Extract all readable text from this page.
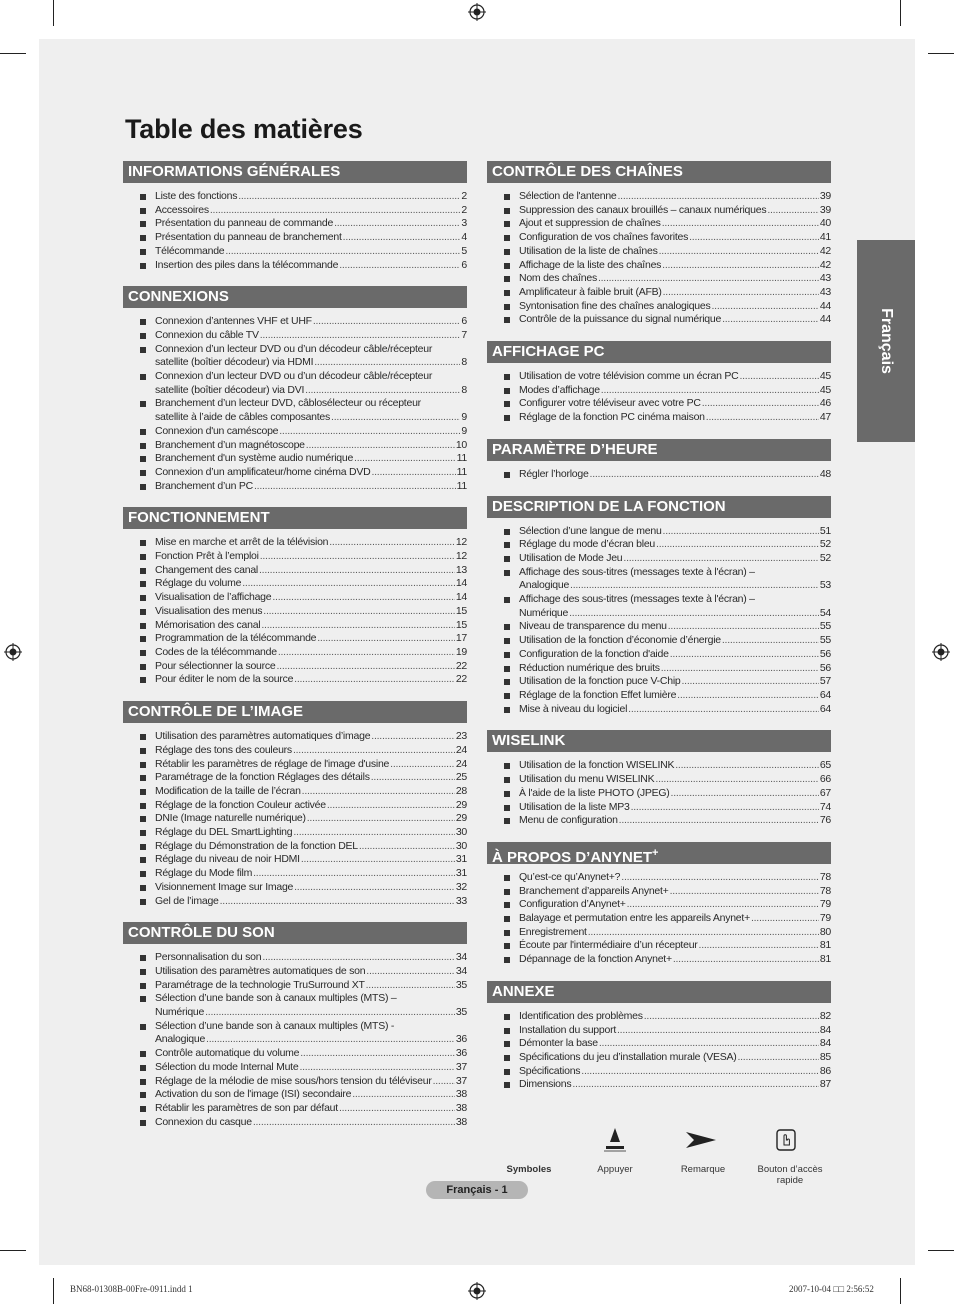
Table des matières
INFORMATIONS GÉNÉRALES
Liste des fonctions .....	2
Accessoires .....	2
Présentation du panneau de commande .....	3
Présentation du panneau de branchement .....	4
Télécommande .....	5
Insertion des piles dans la télécommande .....	6
CONNEXIONS
Connexion d’antennes VHF et UHF .....	6
Connexion du câble TV .....	7
Connexion d’un lecteur DVD ou d’un décodeur câble/récepteur
satellite (boîtier décodeur) via HDMI .....	8
Connexion d’un lecteur DVD ou d’un décodeur câble/récepteur
satellite (boîtier décodeur) via DVI .....	8
Branchement d’un lecteur DVD, câblosélecteur ou récepteur
satellite à l’aide de câbles composantes .....	9
Connexion d'un caméscope .....	9
Branchement d’un magnétoscope .....	10
Branchement d'un système audio numérique .....	11
Connexion d’un amplificateur/home cinéma DVD .....	11
Branchement d’un PC .....	11
FONCTIONNEMENT
Mise en marche et arrêt de la télévision .....	12
Fonction Prêt à l’emploi .....	12
Changement des canal .....	13
Réglage du volume .....	14
Visualisation de l’affichage .....	14
Visualisation des menus .....	15
Mémorisation des canal .....	15
Programmation de la télécommande .....	17
Codes de la télécommande .....	19
Pour sélectionner la source .....	22
Pour éditer le nom de la source .....	22
CONTRÔLE DE L’IMAGE
Utilisation des paramètres automatiques d’image .....	23
Réglage des tons des couleurs .....	24
Rétablir les paramètres de réglage de l'image d'usine .....	24
Paramétrage de la fonction Réglages des détails .....	25
Modification de la taille de l’écran .....	28
Réglage de la fonction Couleur activée .....	29
DNIe (Image naturelle numérique) .....	29
Réglage du DEL SmartLighting .....	30
Réglage du Démonstration de la fonction DEL .....	30
Réglage du niveau de noir HDMI .....	31
Réglage du Mode film .....	31
Visionnement Image sur Image .....	32
Gel de l’image .....	33
CONTRÔLE DU SON
Personnalisation du son .....	34
Utilisation des paramètres automatiques de son .....	34
Paramétrage de la technologie TruSurround XT .....	35
Sélection d’une bande son à canaux multiples (MTS) –
Numérique .....	35
Sélection d’une bande son à canaux multiples (MTS) -
Analogique .....	36
Contrôle automatique du volume .....	36
Sélection du mode Internal Mute .....	37
Réglage de la mélodie de mise sous/hors tension du téléviseur ..... 37
Activation du son de l'image (ISI) secondaire .....	38
Rétablir les paramètres de son par défaut .....	38
Connexion du casque .....	38
CONTRÔLE DES CHAÎNES
Sélection de l'antenne .....	39
Suppression des canaux brouillés – canaux numériques .....	39
Ajout et suppression de chaînes .....	40
Configuration de vos chaînes favorites .....	41
Utilisation de la liste de chaînes .....	42
Affichage de la liste des chaînes .....	42
Nom des chaînes .....	43
Amplificateur à faible bruit (AFB) .....	43
Syntonisation fine des chaînes analogiques .....	44
Contrôle de la puissance du signal numérique .....	44
AFFICHAGE PC
Utilisation de votre télévision comme un écran PC .....	45
Modes d’affichage .....	45
Configurer votre téléviseur avec votre PC .....	46
Réglage de la fonction PC cinéma maison .....	47
PARAMÈTRE D’HEURE
Régler l’horloge .....	48
DESCRIPTION DE LA FONCTION
Sélection d’une langue de menu .....	51
Réglage du mode d’écran bleu .....	52
Utilisation de Mode Jeu .....	52
Affichage des sous-titres (messages texte à l'écran) –
Analogique .....	53
Affichage des sous-titres (messages texte à l'écran) –
Numérique .....	54
Niveau de transparence du menu .....	55
Utilisation de la fonction d’économie d’énergie .....	55
Configuration de la fonction d'aide .....	56
Réduction numérique des bruits .....	56
Utilisation de la fonction puce V-Chip .....	57
Réglage de la fonction Effet lumière .....	64
Mise à niveau du logiciel .....	64
WISELINK
Utilisation de la fonction WISELINK .....	65
Utilisation du menu WISELINK .....	66
À l'aide de la liste PHOTO (JPEG) .....	67
Utilisation de la liste MP3 .....	74
Menu de configuration .....	76
À PROPOS D’ANYNET+
Qu’est-ce qu’Anynet+? .....	78
Branchement d’appareils Anynet+ .....	78
Configuration d’Anynet+ .....	79
Balayage et permutation entre les appareils Anynet+ .....	79
Enregistrement .....	80
Écoute par l'intermédiaire d’un récepteur .....	81
Dépannage de la fonction Anynet+ .....	81
ANNEXE
Identification des problèmes .....	82
Installation du support .....	84
Démonter la base .....	84
Spécifications du jeu d’installation murale (VESA) .....	85
Spécifications .....	86
Dimensions .....	87
Français
Symboles	Appuyer	Remarque	Bouton d’accès rapide
Français - 1
BN68-01308B-00Fre-0911.indd 1	2007-10-04 □□ 2:56:52
